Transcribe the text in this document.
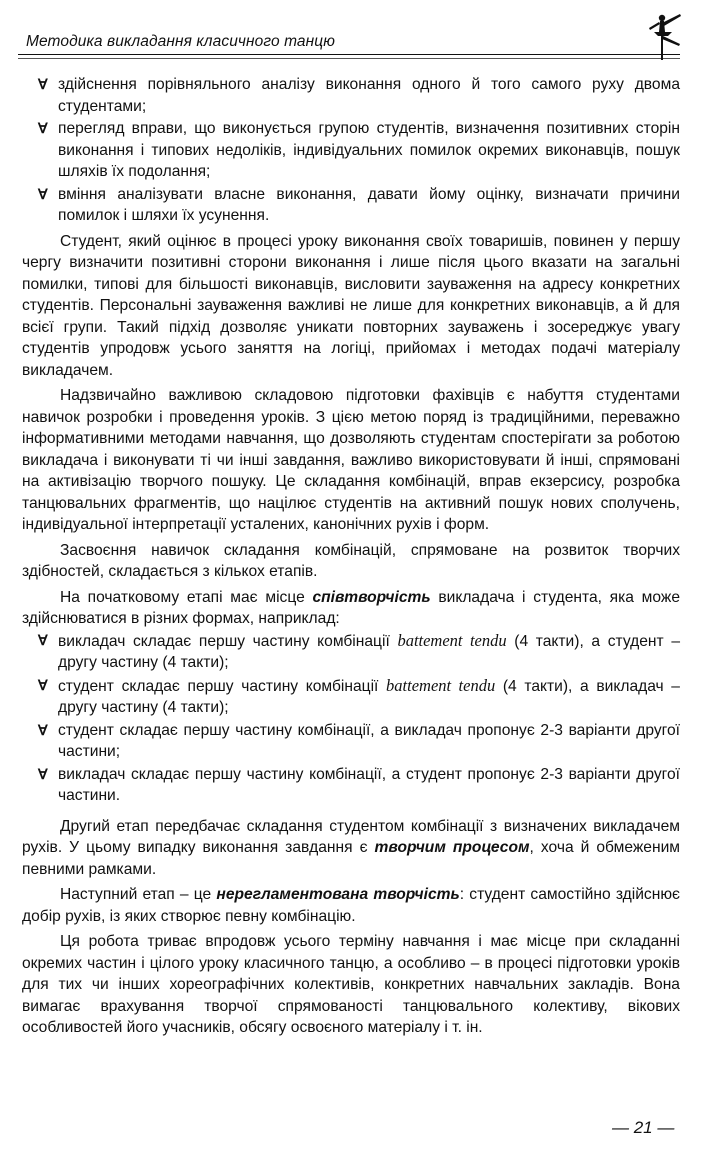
Методика викладання класичного танцю
∀ здійснення порівняльного аналізу виконання одного й того самого руху двома студентами;
∀ перегляд вправи, що виконується групою студентів, визначення позитивних сторін виконання і типових недоліків, індивідуальних помилок окремих виконавців, пошук шляхів їх подолання;
∀ вміння аналізувати власне виконання, давати йому оцінку, визначати причини помилок і шляхи їх усунення.

Студент, який оцінює в процесі уроку виконання своїх товаришів, повинен у першу чергу визначити позитивні сторони виконання і лише після цього вказати на загальні помилки, типові для більшості виконавців, висловити зауваження на адресу конкретних студентів. Персональні зауваження важливі не лише для конкретних виконавців, а й для всієї групи. Такий підхід дозволяє уникати повторних зауважень і зосереджує увагу студентів упродовж усього заняття на логіці, прийомах і методах подачі матеріалу викладачем.

Надзвичайно важливою складовою підготовки фахівців є набуття студентами навичок розробки і проведення уроків. З цією метою поряд із традиційними, переважно інформативними методами навчання, що дозволяють студентам спостерігати за роботою викладача і виконувати ті чи інші завдання, важливо використовувати й інші, спрямовані на активізацію творчого пошуку. Це складання комбінацій, вправ екзерсису, розробка танцювальних фрагментів, що націлює студентів на активний пошук нових сполучень, індивідуальної інтерпретації усталених, канонічних рухів і форм.

Засвоєння навичок складання комбінацій, спрямоване на розвиток творчих здібностей, складається з кількох етапів.

На початковому етапі має місце співтворчість викладача і студента, яка може здійснюватися в різних формах, наприклад:

∀ викладач складає першу частину комбінації battement tendu (4 такти), а студент – другу частину (4 такти);
∀ студент складає першу частину комбінації battement tendu (4 такти), а викладач – другу частину (4 такти);
∀ студент складає першу частину комбінації, а викладач пропонує 2-3 варіанти другої частини;
∀ викладач складає першу частину комбінації, а студент пропонує 2-3 варіанти другої частини.

Другий етап передбачає складання студентом комбінації з визначених викладачем рухів. У цьому випадку виконання завдання є творчим процесом, хоча й обмеженим певними рамками.

Наступний етап – це нерегламентована творчість: студент самостійно здійснює добір рухів, із яких створює певну комбінацію.

Ця робота триває впродовж усього терміну навчання і має місце при складанні окремих частин і цілого уроку класичного танцю, а особливо – в процесі підготовки уроків для тих чи інших хореографічних колективів, конкретних навчальних закладів. Вона вимагає врахування творчої спрямованості танцювального колективу, вікових особливостей його учасників, обсягу освоєного матеріалу і т. ін.

— 21 —
